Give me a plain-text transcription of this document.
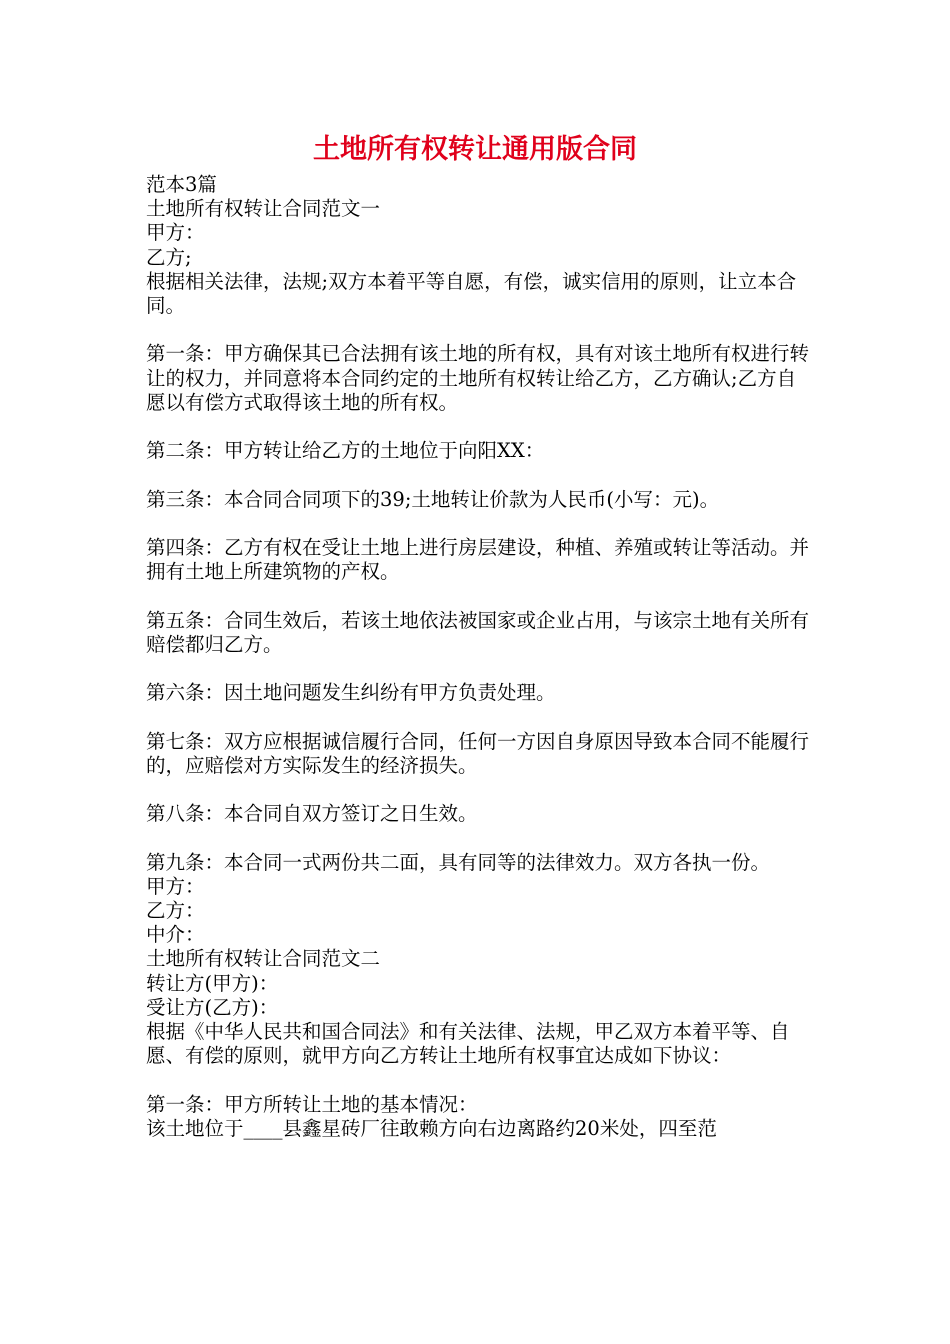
土地所有权转让通用版合同

范本3篇

土地所有权转让合同范文一

甲方：

乙方;

根据相关法律，法规;双方本着平等自愿，有偿，诚实信用的原则，让立本合同。

第一条：甲方确保其已合法拥有该土地的所有权，具有对该土地所有权进行转让的权力，并同意将本合同约定的土地所有权转让给乙方，乙方确认;乙方自愿以有偿方式取得该土地的所有权。

第二条：甲方转让给乙方的土地位于向阳XX：

第三条：本合同合同项下的39;土地转让价款为人民币(小写：元)。

第四条：乙方有权在受让土地上进行房层建设，种植、养殖或转让等活动。并拥有土地上所建筑物的产权。

第五条：合同生效后，若该土地依法被国家或企业占用，与该宗土地有关所有赔偿都归乙方。

第六条：因土地问题发生纠纷有甲方负责处理。

第七条：双方应根据诚信履行合同，任何一方因自身原因导致本合同不能履行的，应赔偿对方实际发生的经济损失。

第八条：本合同自双方签订之日生效。

第九条：本合同一式两份共二面，具有同等的法律效力。双方各执一份。

甲方：

乙方：

中介：

土地所有权转让合同范文二

转让方(甲方)：

受让方(乙方)：

根据《中华人民共和国合同法》和有关法律、法规，甲乙双方本着平等、自愿、有偿的原则，就甲方向乙方转让土地所有权事宜达成如下协议：

第一条：甲方所转让土地的基本情况：

该土地位于____县鑫星砖厂往敢赖方向右边离路约20米处，四至范
